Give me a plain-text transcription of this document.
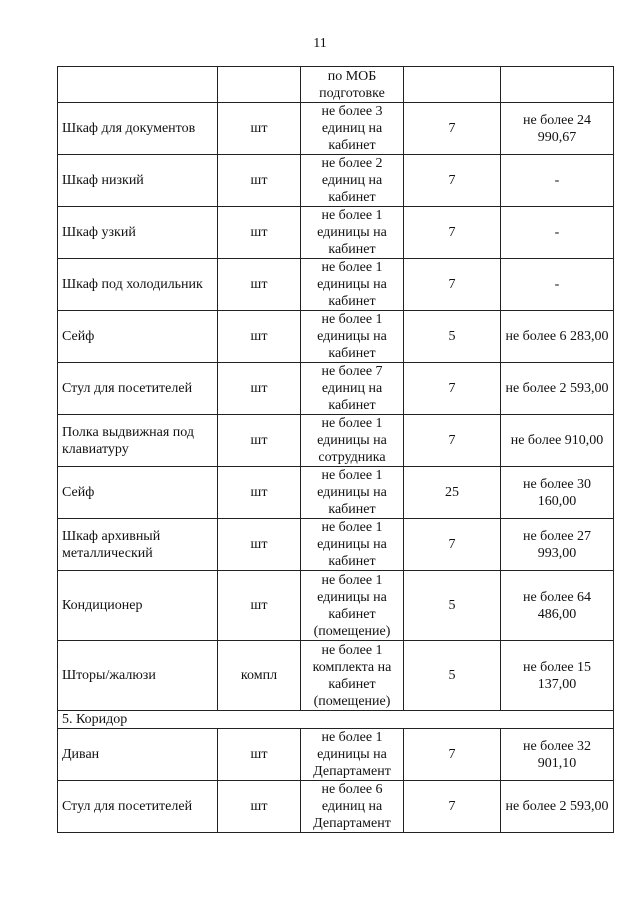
11
		по МОБ подготовке		
Шкаф для документов	шт	не более 3 единиц на кабинет	7	не более 24 990,67
Шкаф низкий	шт	не более 2 единиц на кабинет	7	-
Шкаф узкий	шт	не более 1 единицы на кабинет	7	-
Шкаф под холодильник	шт	не более 1 единицы на кабинет	7	-
Сейф	шт	не более 1 единицы на кабинет	5	не более 6 283,00
Стул для посетителей	шт	не более 7 единиц на кабинет	7	не более 2 593,00
Полка выдвижная под клавиатуру	шт	не более 1 единицы на сотрудника	7	не более 910,00
Сейф	шт	не более 1 единицы на кабинет	25	не более 30 160,00
Шкаф архивный металлический	шт	не более 1 единицы на кабинет	7	не более 27 993,00
Кондиционер	шт	не более 1 единицы на кабинет (помещение)	5	не более 64 486,00
Шторы/жалюзи	компл	не более 1 комплекта на кабинет (помещение)	5	не более 15 137,00
5. Коридор				
Диван	шт	не более 1 единицы на Департамент	7	не более 32 901,10
Стул для посетителей	шт	не более 6 единиц на Департамент	7	не более 2 593,00
